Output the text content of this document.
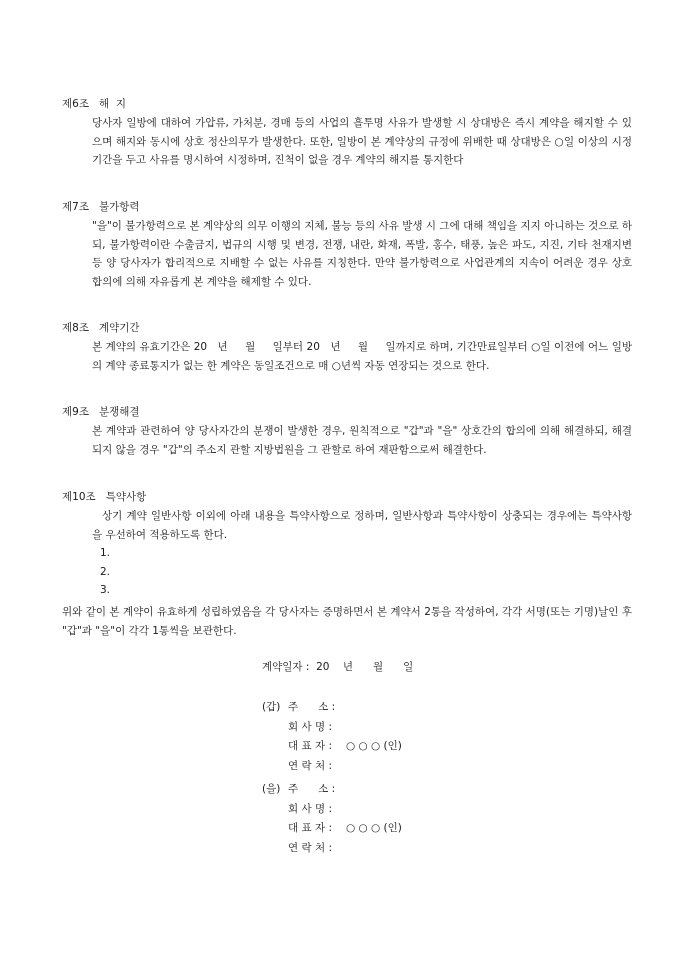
제6조 해  지

당사자 일방에 대하여 가압류, 가처분, 경매 등의 사업의 흘투명 사유가 발생할 시 상대방은 즉시 계약을 해지할 수 있으며 해지와 동시에 상호 정산의무가 발생한다. 또한, 일방이 본 계약상의 규정에 위배한 때 상대방은 ○일 이상의 시정기간을 두고 사유를 명시하여 시정하며, 진척이 없을 경우 계약의 해지를 통지한다

제7조 불가항력

"을"이 불가항력으로 본 계약상의 의무 이행의 지체, 불능 등의 사유 발생 시 그에 대해 책임을 지지 아니하는 것으로 하되, 불가항력이란 수출금지, 법규의 시행 및 변경, 전쟁, 내란, 화재, 폭발, 홍수, 태풍, 높은 파도, 지진, 기타 천재지변 등 양 당사자가 합리적으로 지배할 수 없는 사유를 지칭한다. 만약 불가항력으로 사업관계의 지속이 어려운 경우 상호 합의에 의해 자유롭게 본 계약을 해제할 수 있다.

제8조 계약기간

본 계약의 유효기간은 20   년     월     일부터 20   년     월     일까지로 하며, 기간만료일부터 ○일 이전에 어느 일방의 계약 종료통지가 없는 한 계약은 동일조건으로 매 ○년씩 자동 연장되는 것으로 한다.

제9조 분쟁해결

본 계약과 관련하여 양 당사자간의 분쟁이 발생한 경우, 원칙적으로 "갑"과 "을" 상호간의 합의에 의해 해결하되, 해결되지 않을 경우 "갑"의 주소지 관할 지방법원을 그 관할로 하여 재판함으로써 해결한다.

제10조 특약사항

상기 계약 일반사항 이외에 아래 내용을 특약사항으로 정하며, 일반사항과 특약사항이 상충되는 경우에는 특약사항을 우선하여 적용하도록 한다.

1.
2.
3.

위와 같이 본 계약이 유효하게 성립하였음을 각 당사자는 증명하면서 본 계약서 2통을 작성하여, 각각 서명(또는 기명)날인 후 "갑"과 "을"이 각각 1통씩을 보관한다.

계약일자 :  20    년      월      일
(갑) 주      소 :
회 사 명 :
대 표 자 :	○ ○ ○ (인)
연 락 처 :
(을) 주      소 :
회 사 명 :
대 표 자 :	○ ○ ○ (인)
연 락 처 :
